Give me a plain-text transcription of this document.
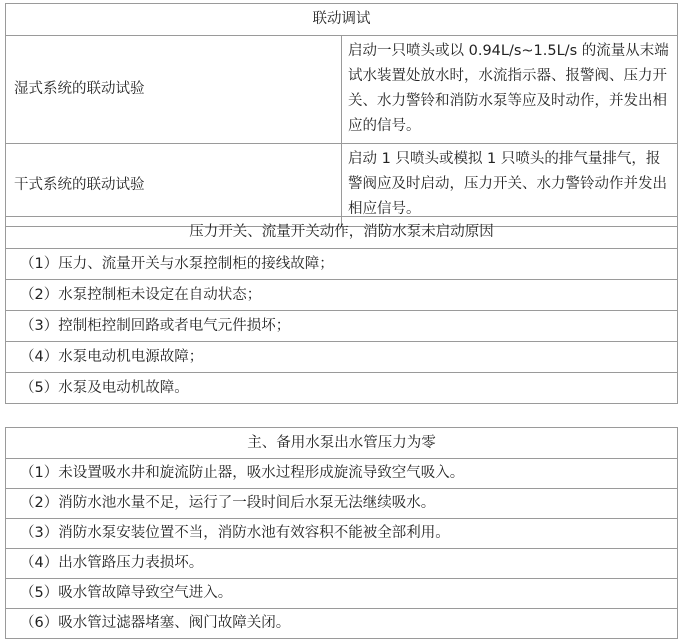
联动调试	
湿式系统的联动试验	启动一只喷头或以 0.94L/s~1.5L/s 的流量从末端试水装置处放水时，水流指示器、报警阀、压力开关、水力警铃和消防水泵等应及时动作，并发出相应的信号。
干式系统的联动试验	启动 1 只喷头或模拟 1 只喷头的排气量排气，报警阀应及时启动，压力开关、水力警铃动作并发出相应信号。
压力开关、流量开关动作，消防水泵未启动原因
（1）压力、流量开关与水泵控制柜的接线故障；
（2）水泵控制柜未设定在自动状态；
（3）控制柜控制回路或者电气元件损坏；
（4）水泵电动机电源故障；
（5）水泵及电动机故障。
主、备用水泵出水管压力为零
（1）未设置吸水井和旋流防止器，吸水过程形成旋流导致空气吸入。
（2）消防水池水量不足，运行了一段时间后水泵无法继续吸水。
（3）消防水泵安装位置不当，消防水池有效容积不能被全部利用。
（4）出水管路压力表损坏。
（5）吸水管故障导致空气进入。
（6）吸水管过滤器堵塞、阀门故障关闭。
